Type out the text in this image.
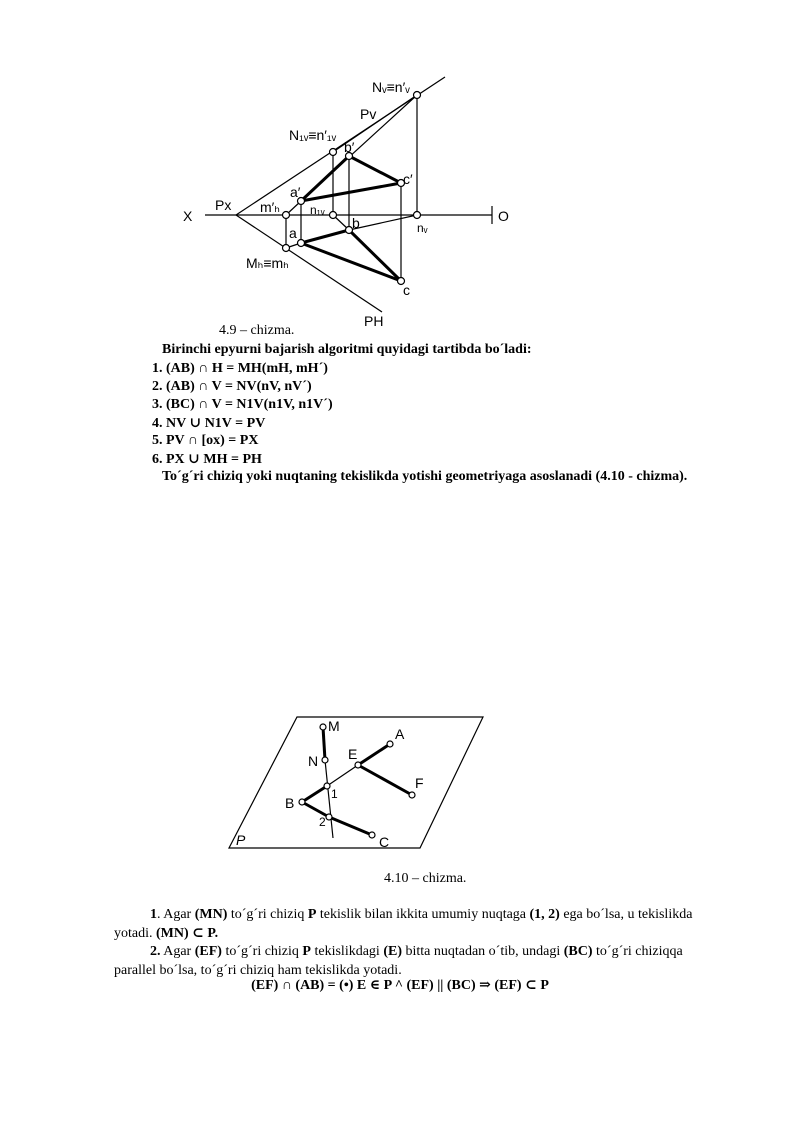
X	O
Px
Pv
PH
Nᵥ≡n′ᵥ
N₁ᵥ≡n′₁ᵥ
b′
c′
a′
m′ₕ	n₁ᵥ
a
b	nᵥ
Mₕ≡mₕ
c
4.9 – chizma.
Birinchi epyurni bajarish algoritmi quyidagi tartibda bo´ladi:
1. (AB) ∩ H = MH(mH, mH´)
2. (AB) ∩ V = NV(nV, nV´)
3. (BC) ∩ V = N1V(n1V, n1V´)
4. NV ∪ N1V = PV
5. PV ∩ [ox) = PX
6. PX ∪ MH = PH
To´g´ri chiziq yoki nuqtaning tekislikda yotishi geometriyaga asoslanadi (4.10 - chizma).
M
N E
A
F
1
B
2
C
P
4.10 – chizma.
1. Agar (MN) to´g´ri chiziq P tekislik bilan ikkita umumiy nuqtaga (1, 2) ega bo´lsa, u tekislikda
yotadi. (MN) ⊂ P.
2. Agar (EF) to´g´ri chiziq P tekislikdagi (E) bitta nuqtadan o´tib, undagi (BC) to´g´ri chiziqqa
parallel bo´lsa, to´g´ri chiziq ham tekislikda yotadi.
(EF) ∩ (AB) = (•) E ∈ P ^ (EF) || (BC) ⇒ (EF) ⊂ P
